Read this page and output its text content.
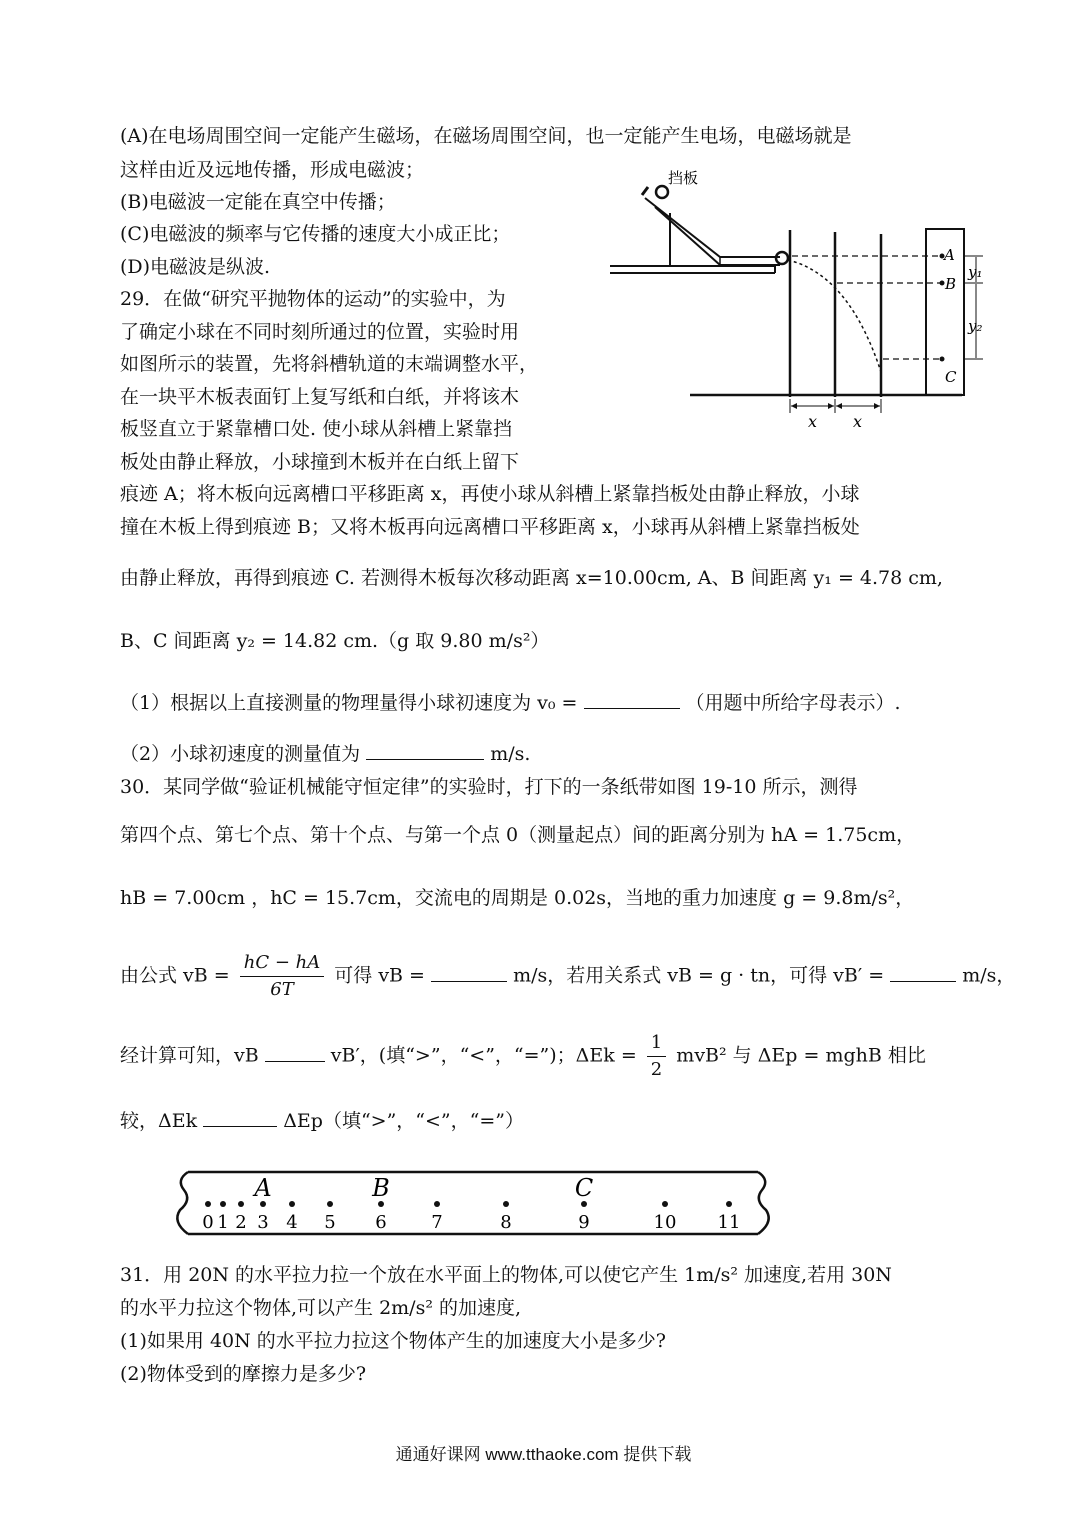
(A)在电场周围空间一定能产生磁场，在磁场周围空间，也一定能产生电场，电磁场就是
这样由近及远地传播，形成电磁波；
(B)电磁波一定能在真空中传播；
(C)电磁波的频率与它传播的速度大小成正比；
(D)电磁波是纵波.
29．在做“研究平抛物体的运动”的实验中，为
了确定小球在不同时刻所通过的位置，实验时用
如图所示的装置，先将斜槽轨道的末端调整水平，
在一块平木板表面钉上复写纸和白纸，并将该木
板竖直立于紧靠槽口处. 使小球从斜槽上紧靠挡
板处由静止释放，小球撞到木板并在白纸上留下
痕迹 A；将木板向远离槽口平移距离 x，再使小球从斜槽上紧靠挡板处由静止释放，小球
撞在木板上得到痕迹 B；又将木板再向远离槽口平移距离 x，小球再从斜槽上紧靠挡板处
由静止释放，再得到痕迹 C. 若测得木板每次移动距离 x=10.00cm, A、B 间距离 y₁ = 4.78 cm,
B、C 间距离 y₂ = 14.82 cm.（g 取 9.80 m/s²）
（1）根据以上直接测量的物理量得小球初速度为 v₀ =	（用题中所给字母表示）.
（2）小球初速度的测量值为	m/s.
挡板
A
B
C
y₁
y₂
x x
30．某同学做“验证机械能守恒定律”的实验时，打下的一条纸带如图 19-10 所示，测得
第四个点、第七个点、第十个点、与第一个点 0（测量起点）间的距离分别为 hA = 1.75cm，
hB = 7.00cm ，hC = 15.7cm，交流电的周期是 0.02s，当地的重力加速度 g = 9.8m/s²，
由公式 vB = $\frac{hC - hA}{6T}$ 可得 vB =	m/s，若用关系式 vB = g · tn，可得 vB′ =	m/s，
经计算可知，vB	vB′，(填“>”，“<”，“=”)；$\Delta Ek = \frac{1}{2} mvB^2$ 与 ΔEp = mghB 相比
较，ΔEk	ΔEp（填“>”，“<”，“=”）
0 1 2 3 4 5 6 7	8	9	10 11
A	B	C
31．用 20N 的水平拉力拉一个放在水平面上的物体,可以使它产生 1m/s² 加速度,若用 30N
的水平力拉这个物体,可以产生 2m/s² 的加速度,
(1)如果用 40N 的水平拉力拉这个物体产生的加速度大小是多少?
(2)物体受到的摩擦力是多少?
通通好课网 www.tthaoke.com 提供下载
